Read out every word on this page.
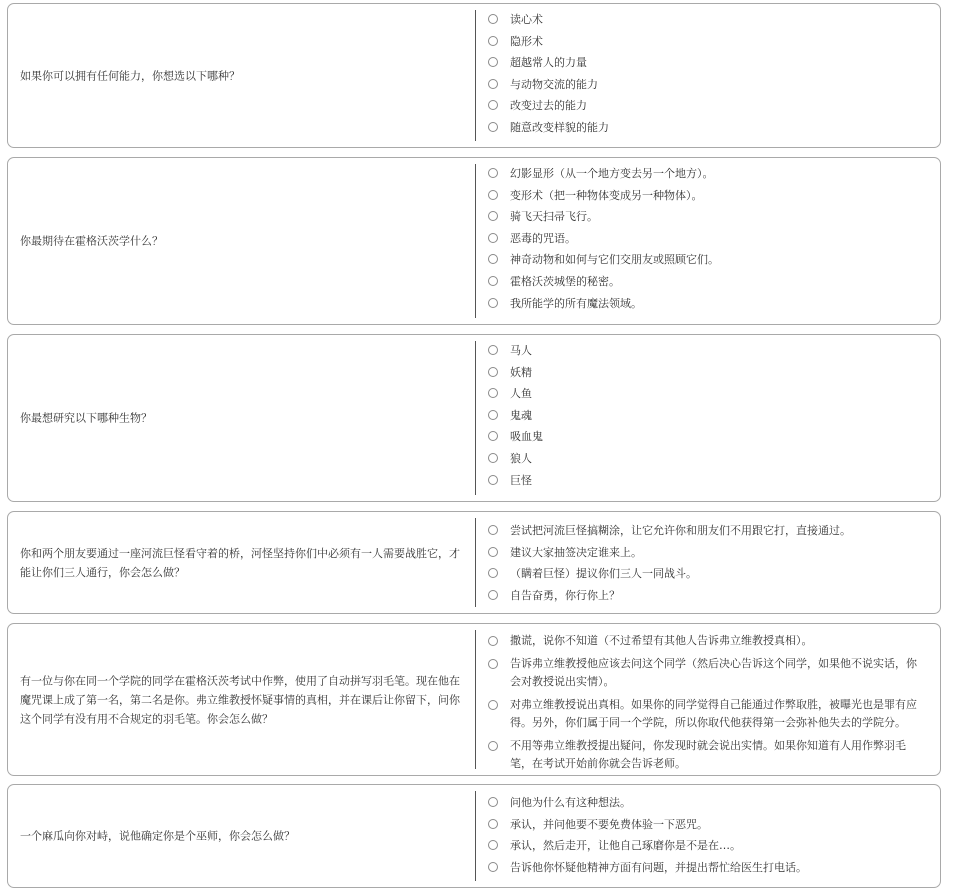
如果你可以拥有任何能力，你想选以下哪种？
读心术
隐形术
超越常人的力量
与动物交流的能力
改变过去的能力
随意改变样貌的能力
你最期待在霍格沃茨学什么？
幻影显形（从一个地方变去另一个地方）。
变形术（把一种物体变成另一种物体）。
骑飞天扫帚飞行。
恶毒的咒语。
神奇动物和如何与它们交朋友或照顾它们。
霍格沃茨城堡的秘密。
我所能学的所有魔法领域。
你最想研究以下哪种生物？
马人
妖精
人鱼
鬼魂
吸血鬼
狼人
巨怪
你和两个朋友要通过一座河流巨怪看守着的桥，河怪坚持你们中必须有一人需要战胜它，才能让你们三人通行，你会怎么做？
尝试把河流巨怪搞糊涂，让它允许你和朋友们不用跟它打，直接通过。
建议大家抽签决定谁来上。
（瞒着巨怪）提议你们三人一同战斗。
自告奋勇，你行你上？
有一位与你在同一个学院的同学在霍格沃茨考试中作弊，使用了自动拼写羽毛笔。现在他在魔咒课上成了第一名，第二名是你。弗立维教授怀疑事情的真相，并在课后让你留下，问你这个同学有没有用不合规定的羽毛笔。你会怎么做？
撒谎，说你不知道（不过希望有其他人告诉弗立维教授真相）。
告诉弗立维教授他应该去问这个同学（然后决心告诉这个同学，如果他不说实话，你会对教授说出实情）。
对弗立维教授说出真相。如果你的同学觉得自己能通过作弊取胜，被曝光也是罪有应得。另外，你们属于同一个学院，所以你取代他获得第一会弥补他失去的学院分。
不用等弗立维教授提出疑问，你发现时就会说出实情。如果你知道有人用作弊羽毛笔，在考试开始前你就会告诉老师。
一个麻瓜向你对峙，说他确定你是个巫师，你会怎么做？
问他为什么有这种想法。
承认，并问他要不要免费体验一下恶咒。
承认，然后走开，让他自己琢磨你是不是在…。
告诉他你怀疑他精神方面有问题，并提出帮忙给医生打电话。
